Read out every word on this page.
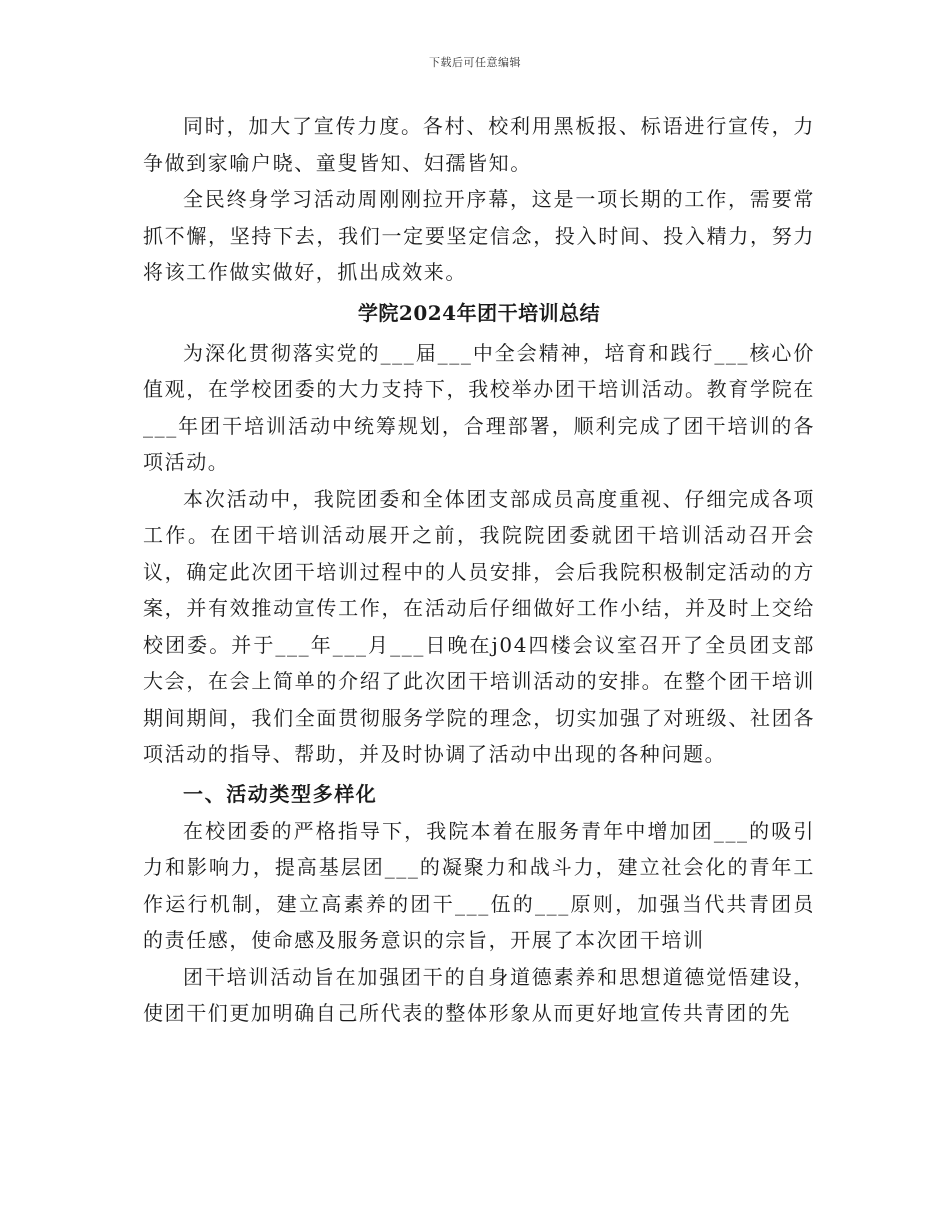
下载后可任意编辑

同时，加大了宣传力度。各村、校利用黑板报、标语进行宣传，力争做到家喻户晓、童叟皆知、妇孺皆知。

全民终身学习活动周刚刚拉开序幕，这是一项长期的工作，需要常抓不懈，坚持下去，我们一定要坚定信念，投入时间、投入精力，努力将该工作做实做好，抓出成效来。

学院2024年团干培训总结

为深化贯彻落实党的___届___中全会精神，培育和践行___核心价值观，在学校团委的大力支持下，我校举办团干培训活动。教育学院在___年团干培训活动中统筹规划，合理部署，顺利完成了团干培训的各项活动。

本次活动中，我院团委和全体团支部成员高度重视、仔细完成各项工作。在团干培训活动展开之前，我院院团委就团干培训活动召开会议，确定此次团干培训过程中的人员安排，会后我院积极制定活动的方案，并有效推动宣传工作，在活动后仔细做好工作小结，并及时上交给校团委。并于___年___月___日晚在j04四楼会议室召开了全员团支部大会，在会上简单的介绍了此次团干培训活动的安排。在整个团干培训期间期间，我们全面贯彻服务学院的理念，切实加强了对班级、社团各项活动的指导、帮助，并及时协调了活动中出现的各种问题。

一、活动类型多样化

在校团委的严格指导下，我院本着在服务青年中增加团___的吸引力和影响力，提高基层团___的凝聚力和战斗力，建立社会化的青年工作运行机制，建立高素养的团干___伍的___原则，加强当代共青团员的责任感，使命感及服务意识的宗旨，开展了本次团干培训

团干培训活动旨在加强团干的自身道德素养和思想道德觉悟建设，使团干们更加明确自己所代表的整体形象从而更好地宣传共青团的先
